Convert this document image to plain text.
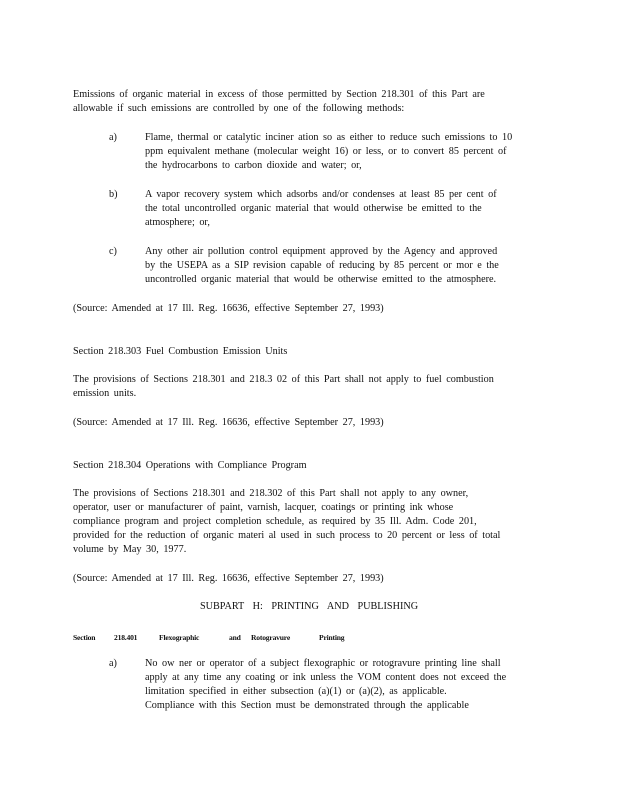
Emissions of organic material in excess of those permitted by Section 218.301 of this Part are
allowable if such emissions are controlled by one of the following methods:
a)	Flame, thermal or catalytic inciner ation so as either to reduce such emissions to 10
ppm equivalent methane (molecular weight 16) or less, or to convert 85 percent of
the hydrocarbons to carbon dioxide and water; or,
b)	A vapor recovery system which adsorbs and/or condenses at least 85 per cent of
the total uncontrolled organic material that would otherwise be emitted to the
atmosphere; or,
c)	Any other air pollution control equipment approved by the Agency and approved
by the USEPA as a SIP revision capable of reducing by 85 percent or mor e the
uncontrolled organic material that would be otherwise emitted to the atmosphere.
(Source: Amended at 17 Ill. Reg. 16636, effective September 27, 1993)
Section 218.303 Fuel Combustion Emission Units
The provisions of Sections 218.301 and 218.3 02 of this Part shall not apply to fuel combustion
emission units.
(Source: Amended at 17 Ill. Reg. 16636, effective September 27, 1993)
Section 218.304 Operations with Compliance Program
The provisions of Sections 218.301 and 218.302 of this Part shall not apply to any owner,
operator, user or manufacturer of paint, varnish, lacquer, coatings or printing ink whose
compliance program and project completion schedule, as required by 35 Ill. Adm. Code 201,
provided for the reduction of organic materi al used in such process to 20 percent or less of total
volume by May 30, 1977.
(Source: Amended at 17 Ill. Reg. 16636, effective September 27, 1993)
SUBPART H: PRINTING AND PUBLISHING
Section 218.401	Flexographic	and Rotogravure	Printing
a)	No ow ner or operator of a subject flexographic or rotogravure printing line shall
apply at any time any coating or ink unless the VOM content does not exceed the
limitation specified in either subsection (a)(1) or (a)(2), as applicable.
Compliance with this Section must be demonstrated through the applicable
